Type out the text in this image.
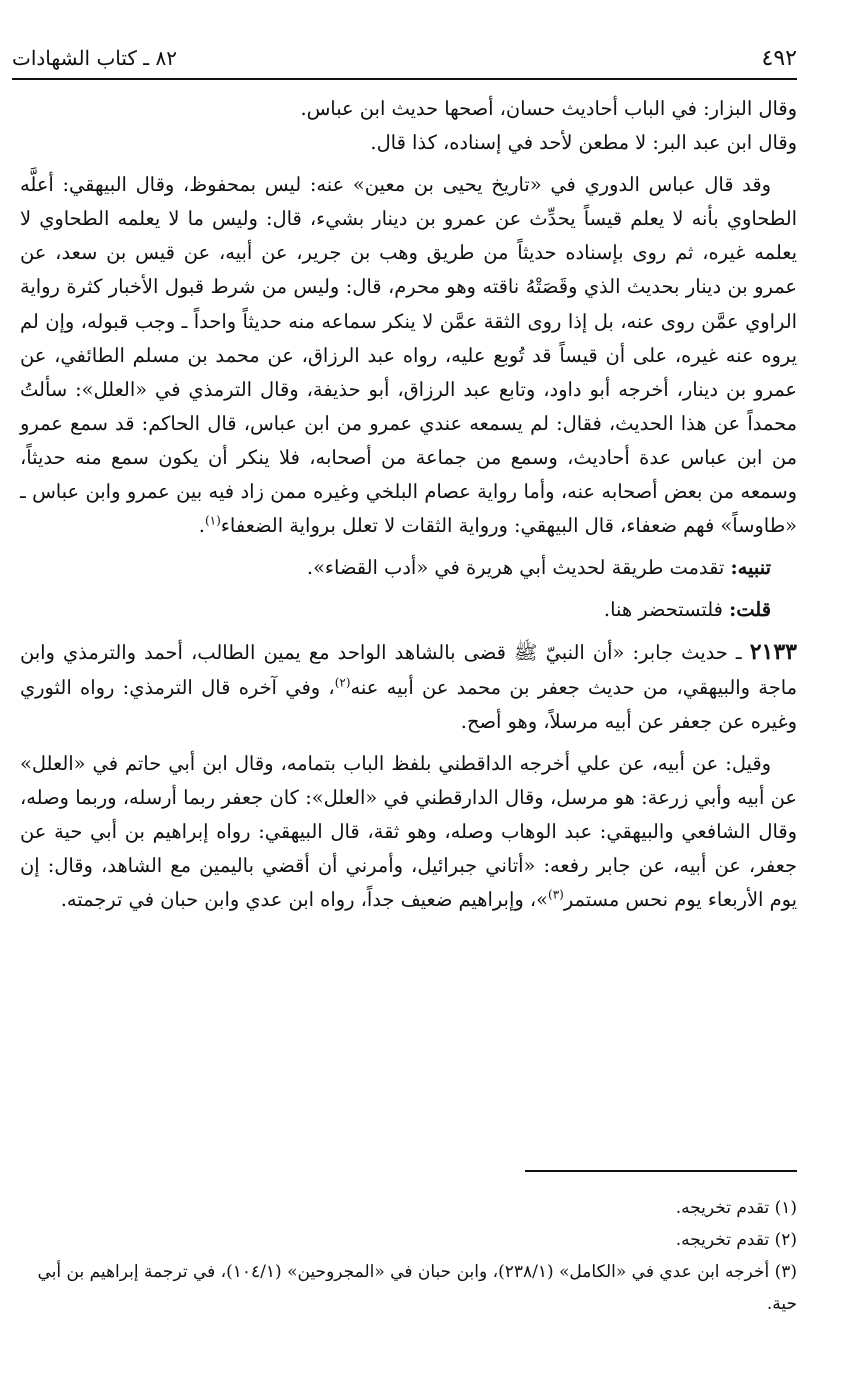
٤٩٢
٨٢ ـ كتاب الشهادات

وقال البزار: في الباب أحاديث حسان، أصحها حديث ابن عباس.

وقال ابن عبد البر: لا مطعن لأحد في إسناده، كذا قال.

وقد قال عباس الدوري في «تاريخ يحيى بن معين» عنه: ليس بمحفوظ، وقال البيهقي: أعلَّه الطحاوي بأنه لا يعلم قيساً يحدِّث عن عمرو بن دينار بشيء، قال: وليس ما لا يعلمه الطحاوي لا يعلمه غيره، ثم روى بإسناده حديثاً من طريق وهب بن جرير، عن أبيه، عن قيس بن سعد، عن عمرو بن دينار بحديث الذي وقَصَتْهُ ناقته وهو محرم، قال: وليس من شرط قبول الأخبار كثرة رواية الراوي عمَّن روى عنه، بل إذا روى الثقة عمَّن لا ينكر سماعه منه حديثاً واحداً ـ وجب قبوله، وإن لم يروه عنه غيره، على أن قيساً قد تُوبع عليه، رواه عبد الرزاق، عن محمد بن مسلم الطائفي، عن عمرو بن دينار، أخرجه أبو داود، وتابع عبد الرزاق، أبو حذيفة، وقال الترمذي في «العلل»: سألتُ محمداً عن هذا الحديث، فقال: لم يسمعه عندي عمرو من ابن عباس، قال الحاكم: قد سمع عمرو من ابن عباس عدة أحاديث، وسمع من جماعة من أصحابه، فلا ينكر أن يكون سمع منه حديثاً، وسمعه من بعض أصحابه عنه، وأما رواية عصام البلخي وغيره ممن زاد فيه بين عمرو وابن عباس ـ «طاوساً» فهم ضعفاء، قال البيهقي: ورواية الثقات لا تعلل برواية الضعفاء$^{(١)}$.

تنبيه: تقدمت طريقة لحديث أبي هريرة في «أدب القضاء».

قلت: فلتستحضر هنا.

٢١٣٣ ـ حديث جابر: «أن النبيّ ﷺ قضى بالشاهد الواحد مع يمين الطالب، أحمد والترمذي وابن ماجة والبيهقي، من حديث جعفر بن محمد عن أبيه عنه$^{(٢)}$، وفي آخره قال الترمذي: رواه الثوري وغيره عن جعفر عن أبيه مرسلاً، وهو أصح.

وقيل: عن أبيه، عن علي أخرجه الداقطني بلفظ الباب بتمامه، وقال ابن أبي حاتم في «العلل» عن أبيه وأبي زرعة: هو مرسل، وقال الدارقطني في «العلل»: كان جعفر ربما أرسله، وربما وصله، وقال الشافعي والبيهقي: عبد الوهاب وصله، وهو ثقة، قال البيهقي: رواه إبراهيم بن أبي حية عن جعفر، عن أبيه، عن جابر رفعه: «أتاني جبرائيل، وأمرني أن أقضي باليمين مع الشاهد، وقال: إن يوم الأربعاء يوم نحس مستمر$^{(٣)}$»، وإبراهيم ضعيف جداً، رواه ابن عدي وابن حبان في ترجمته.

(١) تقدم تخريجه.
(٢) تقدم تخريجه.
(٣) أخرجه ابن عدي في «الكامل» (٢٣٨/١)، وابن حبان في «المجروحين» (١٠٤/١)، في ترجمة إبراهيم بن أبي حية.
